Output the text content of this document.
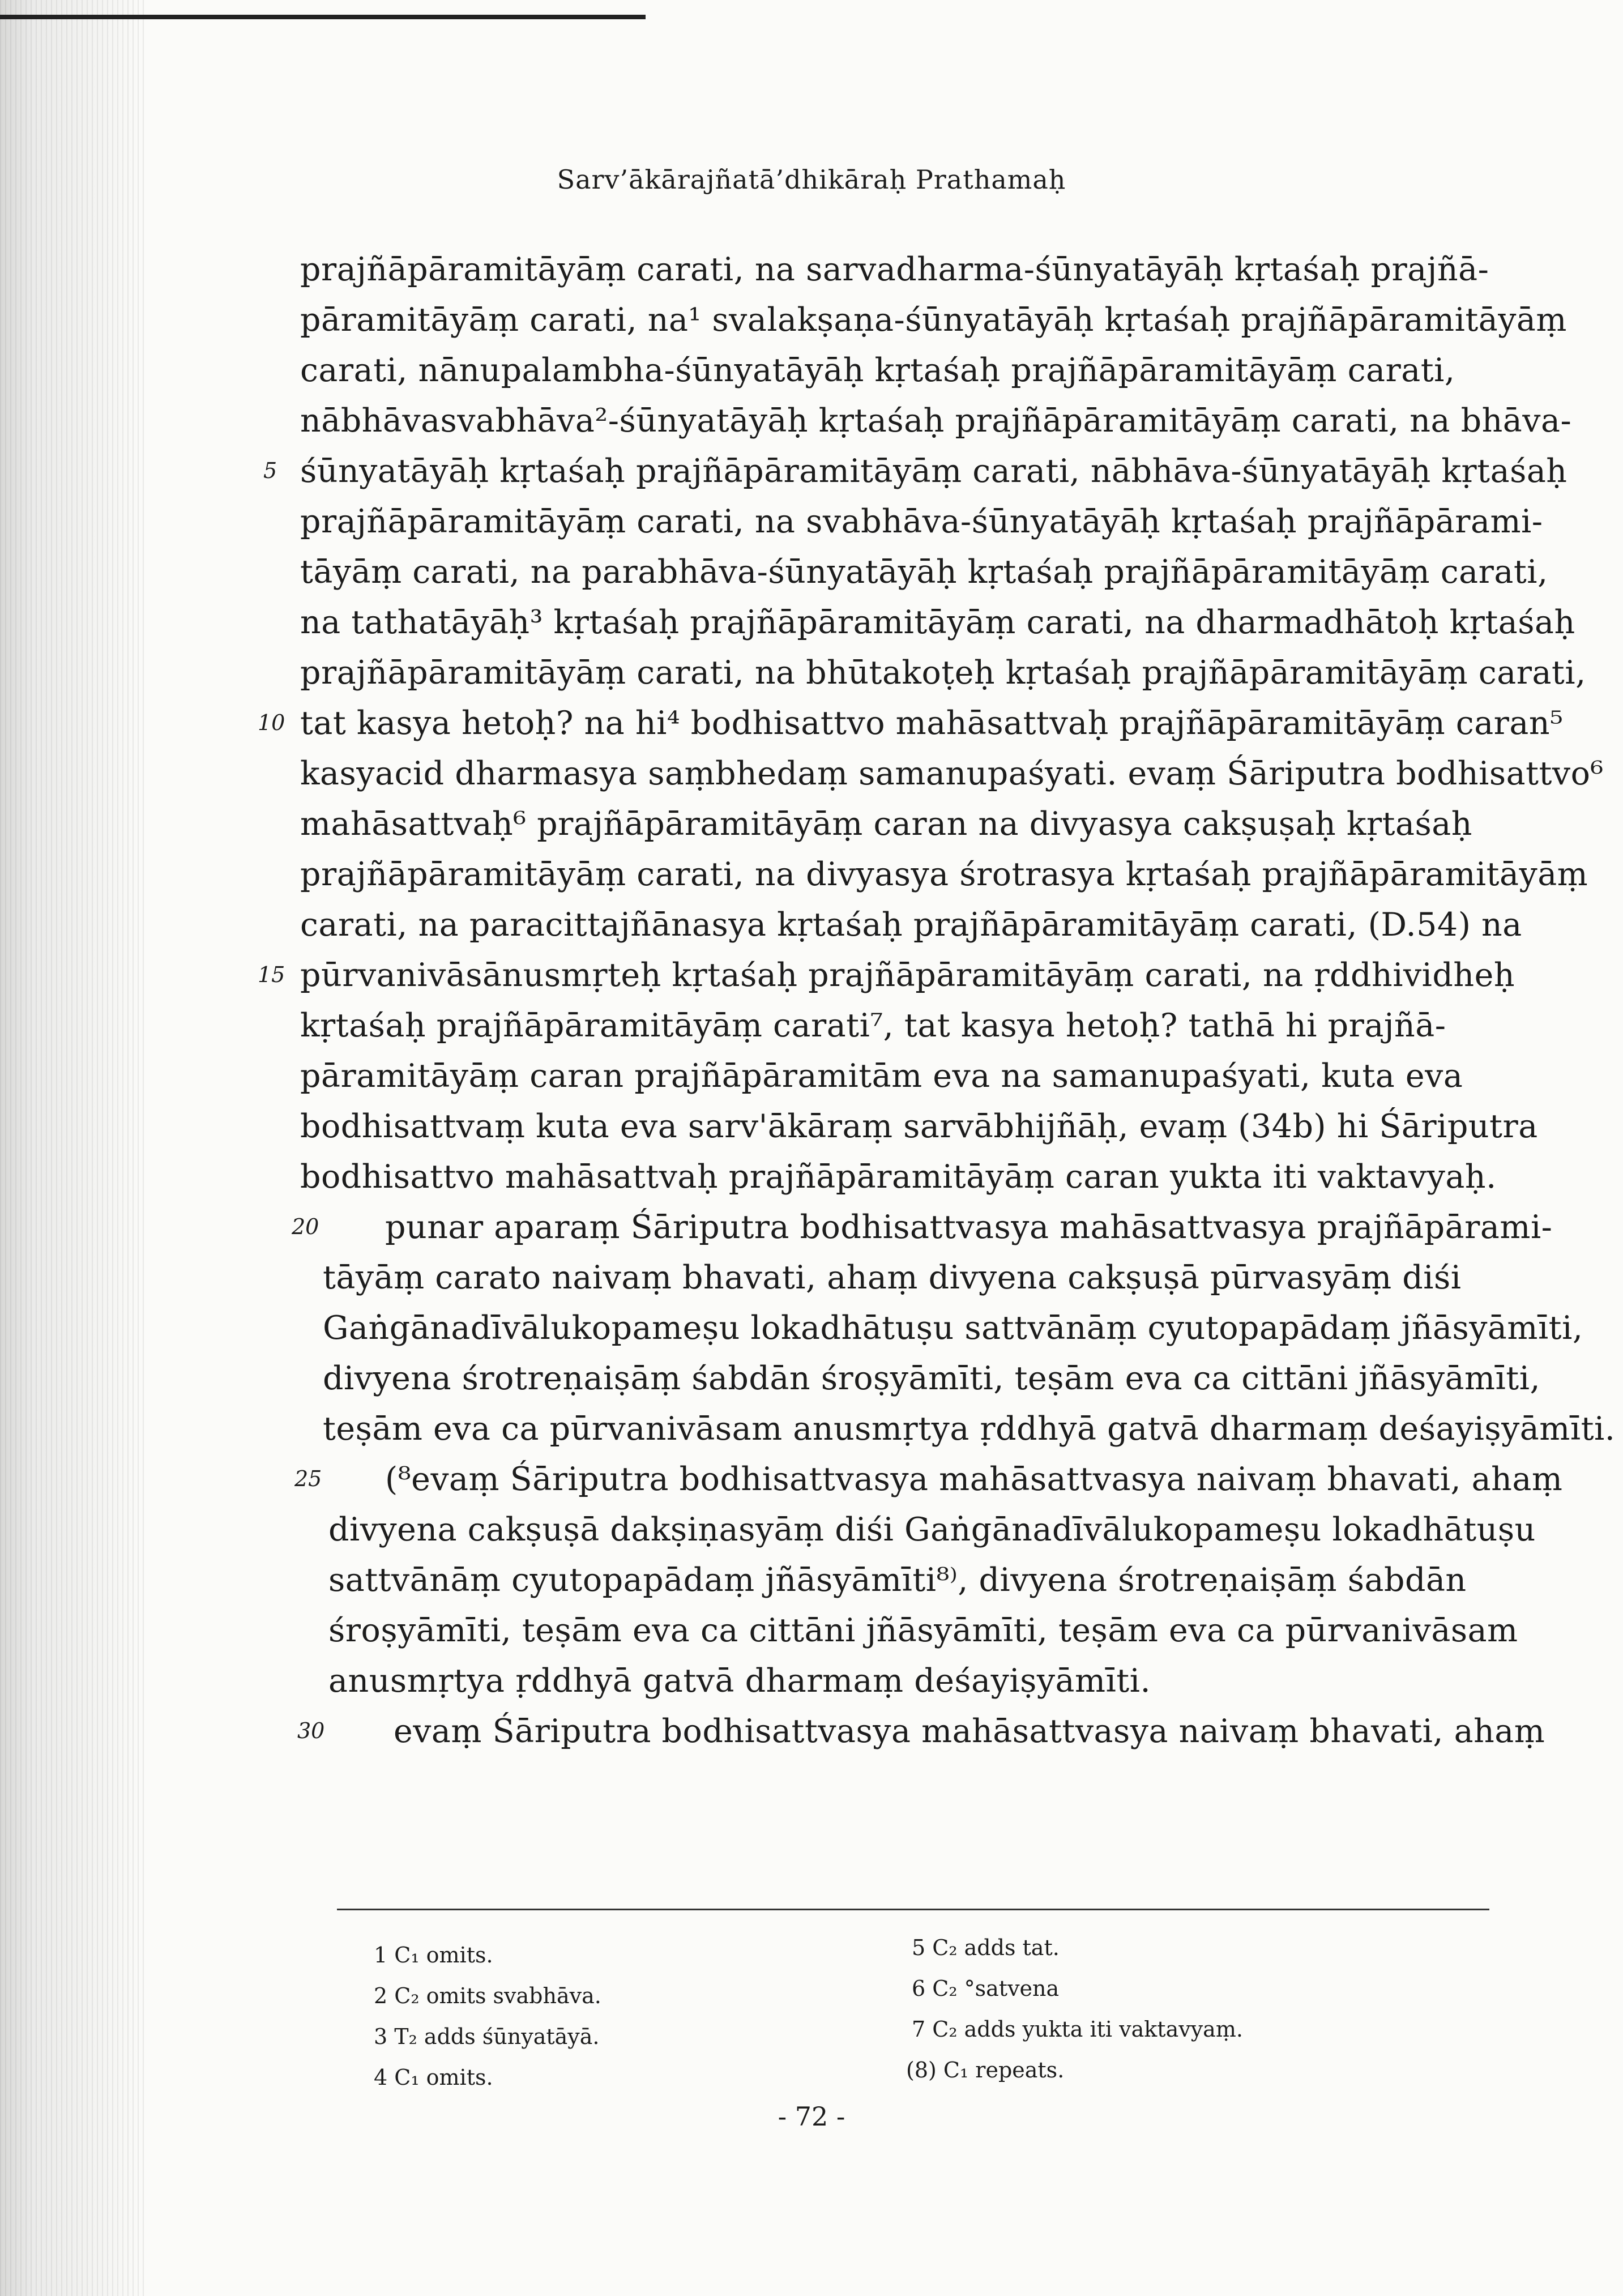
Sarv’ākārajñatā’dhikāraḥ Prathamaḥ
prajñāpāramitāyāṃ carati, na sarvadharma-śūnyatāyāḥ kṛtaśaḥ prajñā-
pāramitāyāṃ carati, na¹ svalakṣaṇa-śūnyatāyāḥ kṛtaśaḥ prajñāpāramitāyāṃ
carati, nānupalambha-śūnyatāyāḥ kṛtaśaḥ prajñāpāramitāyāṃ carati,
nābhāvasvabhāva²-śūnyatāyāḥ kṛtaśaḥ prajñāpāramitāyāṃ carati, na bhāva-
śūnyatāyāḥ kṛtaśaḥ prajñāpāramitāyāṃ carati, nābhāva-śūnyatāyāḥ kṛtaśaḥ
prajñāpāramitāyāṃ carati, na svabhāva-śūnyatāyāḥ kṛtaśaḥ prajñāpārami-
tāyāṃ carati, na parabhāva-śūnyatāyāḥ kṛtaśaḥ prajñāpāramitāyāṃ carati,
na tathatāyāḥ³ kṛtaśaḥ prajñāpāramitāyāṃ carati, na dharmadhātoḥ kṛtaśaḥ
prajñāpāramitāyāṃ carati, na bhūtakoṭeḥ kṛtaśaḥ prajñāpāramitāyāṃ carati,
tat kasya hetoḥ? na hi⁴ bodhisattvo mahāsattvaḥ prajñāpāramitāyāṃ caran⁵
kasyacid dharmasya saṃbhedaṃ samanupaśyati. evaṃ Śāriputra bodhisattvo⁶
mahāsattvaḥ⁶ prajñāpāramitāyāṃ caran na divyasya cakṣuṣaḥ kṛtaśaḥ
prajñāpāramitāyāṃ carati, na divyasya śrotrasya kṛtaśaḥ prajñāpāramitāyāṃ
carati, na paracittajñānasya kṛtaśaḥ prajñāpāramitāyāṃ carati, (D.54) na
pūrvanivāsānusmṛteḥ kṛtaśaḥ prajñāpāramitāyāṃ carati, na ṛddhividheḥ
kṛtaśaḥ prajñāpāramitāyāṃ carati⁷, tat kasya hetoḥ? tathā hi prajñā-
pāramitāyāṃ caran prajñāpāramitām eva na samanupaśyati, kuta eva
bodhisattvaṃ kuta eva sarv'ākāraṃ sarvābhijñāḥ, evaṃ (34b) hi Śāriputra
bodhisattvo mahāsattvaḥ prajñāpāramitāyāṃ caran yukta iti vaktavyaḥ.
punar aparaṃ Śāriputra bodhisattvasya mahāsattvasya prajñāpārami-
tāyāṃ carato naivaṃ bhavati, ahaṃ divyena cakṣuṣā pūrvasyāṃ diśi
Gaṅgānadīvālukopameṣu lokadhātuṣu sattvānāṃ cyutopapādaṃ jñāsyāmīti,
divyena śrotreṇaiṣāṃ śabdān śroṣyāmīti, teṣām eva ca cittāni jñāsyāmīti,
teṣām eva ca pūrvanivāsam anusmṛtya ṛddhyā gatvā dharmaṃ deśayiṣyāmīti.
(⁸evaṃ Śāriputra bodhisattvasya mahāsattvasya naivaṃ bhavati, ahaṃ
divyena cakṣuṣā dakṣiṇasyāṃ diśi Gaṅgānadīvālukopameṣu lokadhātuṣu
sattvānāṃ cyutopapādaṃ jñāsyāmīti⁸⁾, divyena śrotreṇaiṣāṃ śabdān
śroṣyāmīti, teṣām eva ca cittāni jñāsyāmīti, teṣām eva ca pūrvanivāsam
anusmṛtya ṛddhyā gatvā dharmaṃ deśayiṣyāmīti.
evaṃ Śāriputra bodhisattvasya mahāsattvasya naivaṃ bhavati, ahaṃ
5
10
15
20
25
30
1 C₁ omits.
2 C₂ omits svabhāva.
3 T₂ adds śūnyatāyā.
4 C₁ omits.
5 C₂ adds tat.
6 C₂ °satvena
7 C₂ adds yukta iti vaktavyaṃ.
(8) C₁ repeats.
- 72 -
